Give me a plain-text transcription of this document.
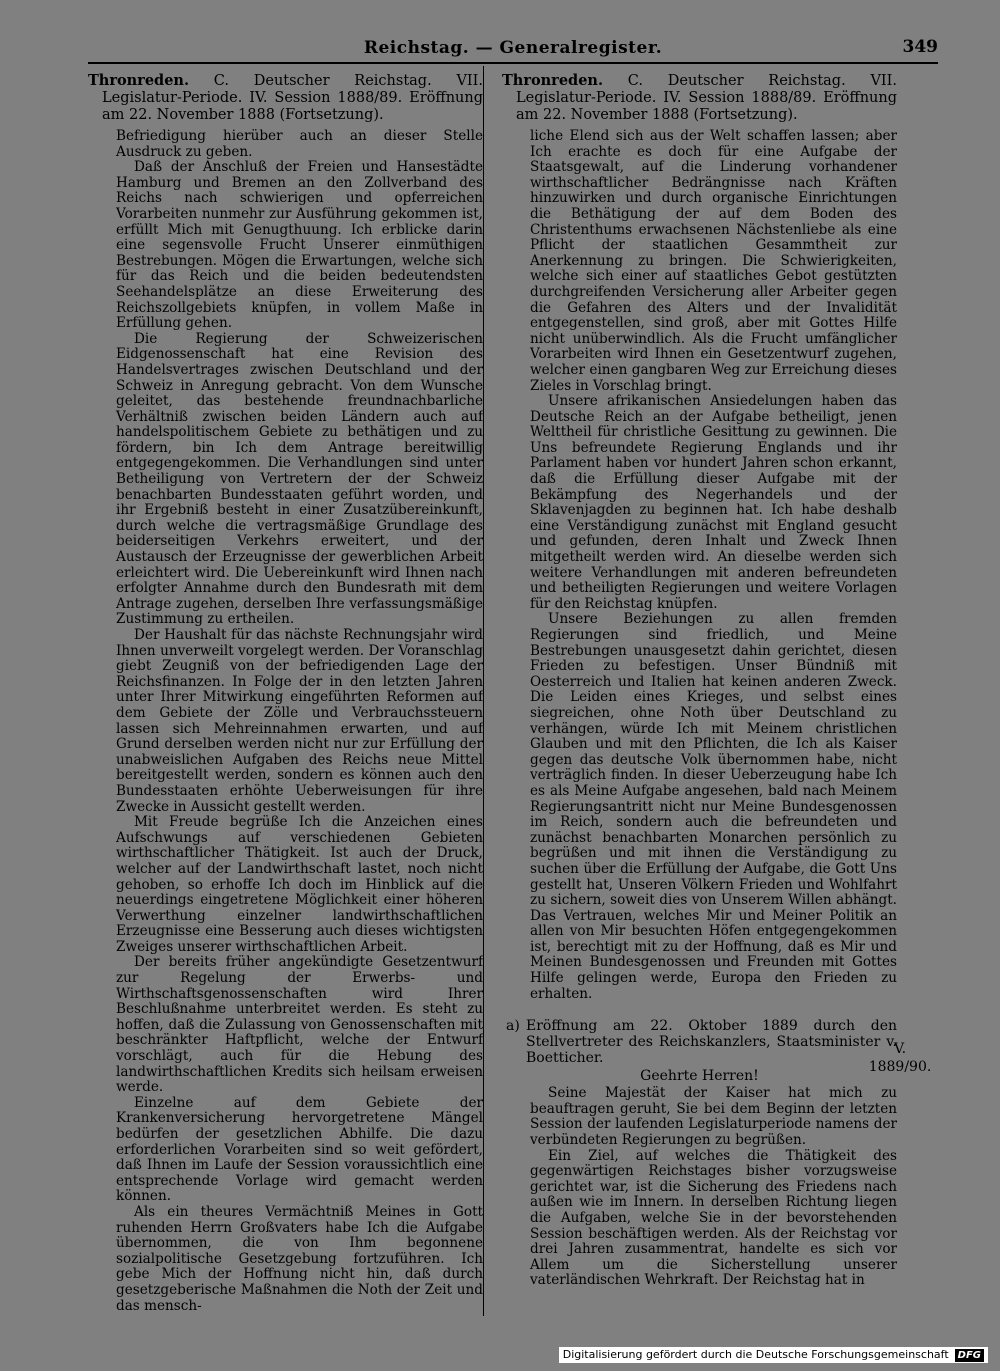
Reichstag. — Generalregister.	349
Thronreden. C. Deutscher Reichstag. VII. Legislatur-Periode. IV. Session 1888/89. Eröffnung am 22. November 1888 (Fortsetzung).

Befriedigung hierüber auch an dieser Stelle Ausdruck zu geben.

Daß der Anschluß der Freien und Hansestädte Hamburg und Bremen an den Zollverband des Reichs nach schwierigen und opferreichen Vorarbeiten nunmehr zur Ausführung gekommen ist, erfüllt Mich mit Genugthuung. Ich erblicke darin eine segensvolle Frucht Unserer einmüthigen Bestrebungen. Mögen die Erwartungen, welche sich für das Reich und die beiden bedeutendsten Seehandelsplätze an diese Erweiterung des Reichszollgebiets knüpfen, in vollem Maße in Erfüllung gehen.

Die Regierung der Schweizerischen Eidgenossenschaft hat eine Revision des Handelsvertrages zwischen Deutschland und der Schweiz in Anregung gebracht. Von dem Wunsche geleitet, das bestehende freundnachbarliche Verhältniß zwischen beiden Ländern auch auf handelspolitischem Gebiete zu bethätigen und zu fördern, bin Ich dem Antrage bereitwillig entgegengekommen. Die Verhandlungen sind unter Betheiligung von Vertretern der der Schweiz benachbarten Bundesstaaten geführt worden, und ihr Ergebniß besteht in einer Zusatzübereinkunft, durch welche die vertragsmäßige Grundlage des beiderseitigen Verkehrs erweitert, und der Austausch der Erzeugnisse der gewerblichen Arbeit erleichtert wird. Die Uebereinkunft wird Ihnen nach erfolgter Annahme durch den Bundesrath mit dem Antrage zugehen, derselben Ihre verfassungsmäßige Zustimmung zu ertheilen.

Der Haushalt für das nächste Rechnungsjahr wird Ihnen unverweilt vorgelegt werden. Der Voranschlag giebt Zeugniß von der befriedigenden Lage der Reichsfinanzen. In Folge der in den letzten Jahren unter Ihrer Mitwirkung eingeführten Reformen auf dem Gebiete der Zölle und Verbrauchssteuern lassen sich Mehreinnahmen erwarten, und auf Grund derselben werden nicht nur zur Erfüllung der unabweislichen Aufgaben des Reichs neue Mittel bereitgestellt werden, sondern es können auch den Bundesstaaten erhöhte Ueberweisungen für ihre Zwecke in Aussicht gestellt werden.

Mit Freude begrüße Ich die Anzeichen eines Aufschwungs auf verschiedenen Gebieten wirthschaftlicher Thätigkeit. Ist auch der Druck, welcher auf der Landwirthschaft lastet, noch nicht gehoben, so erhoffe Ich doch im Hinblick auf die neuerdings eingetretene Möglichkeit einer höheren Verwerthung einzelner landwirthschaftlichen Erzeugnisse eine Besserung auch dieses wichtigsten Zweiges unserer wirthschaftlichen Arbeit.

Der bereits früher angekündigte Gesetzentwurf zur Regelung der Erwerbs- und Wirthschaftsgenossenschaften wird Ihrer Beschlußnahme unterbreitet werden. Es steht zu hoffen, daß die Zulassung von Genossenschaften mit beschränkter Haftpflicht, welche der Entwurf vorschlägt, auch für die Hebung des landwirthschaftlichen Kredits sich heilsam erweisen werde.

Einzelne auf dem Gebiete der Krankenversicherung hervorgetretene Mängel bedürfen der gesetzlichen Abhilfe. Die dazu erforderlichen Vorarbeiten sind so weit gefördert, daß Ihnen im Laufe der Session voraussichtlich eine entsprechende Vorlage wird gemacht werden können.

Als ein theures Vermächtniß Meines in Gott ruhenden Herrn Großvaters habe Ich die Aufgabe übernommen, die von Ihm begonnene sozialpolitische Gesetzgebung fortzuführen. Ich gebe Mich der Hoffnung nicht hin, daß durch gesetzgeberische Maßnahmen die Noth der Zeit und das mensch-

Thronreden. C. Deutscher Reichstag. VII. Legislatur-Periode. IV. Session 1888/89. Eröffnung am 22. November 1888 (Fortsetzung).

liche Elend sich aus der Welt schaffen lassen; aber Ich erachte es doch für eine Aufgabe der Staatsgewalt, auf die Linderung vorhandener wirthschaftlicher Bedrängnisse nach Kräften hinzuwirken und durch organische Einrichtungen die Bethätigung der auf dem Boden des Christenthums erwachsenen Nächstenliebe als eine Pflicht der staatlichen Gesammtheit zur Anerkennung zu bringen. Die Schwierigkeiten, welche sich einer auf staatliches Gebot gestützten durchgreifenden Versicherung aller Arbeiter gegen die Gefahren des Alters und der Invalidität entgegenstellen, sind groß, aber mit Gottes Hilfe nicht unüberwindlich. Als die Frucht umfänglicher Vorarbeiten wird Ihnen ein Gesetzentwurf zugehen, welcher einen gangbaren Weg zur Erreichung dieses Zieles in Vorschlag bringt.

Unsere afrikanischen Ansiedelungen haben das Deutsche Reich an der Aufgabe betheiligt, jenen Welttheil für christliche Gesittung zu gewinnen. Die Uns befreundete Regierung Englands und ihr Parlament haben vor hundert Jahren schon erkannt, daß die Erfüllung dieser Aufgabe mit der Bekämpfung des Negerhandels und der Sklavenjagden zu beginnen hat. Ich habe deshalb eine Verständigung zunächst mit England gesucht und gefunden, deren Inhalt und Zweck Ihnen mitgetheilt werden wird. An dieselbe werden sich weitere Verhandlungen mit anderen befreundeten und betheiligten Regierungen und weitere Vorlagen für den Reichstag knüpfen.

Unsere Beziehungen zu allen fremden Regierungen sind friedlich, und Meine Bestrebungen unausgesetzt dahin gerichtet, diesen Frieden zu befestigen. Unser Bündniß mit Oesterreich und Italien hat keinen anderen Zweck. Die Leiden eines Krieges, und selbst eines siegreichen, ohne Noth über Deutschland zu verhängen, würde Ich mit Meinem christlichen Glauben und mit den Pflichten, die Ich als Kaiser gegen das deutsche Volk übernommen habe, nicht verträglich finden. In dieser Ueberzeugung habe Ich es als Meine Aufgabe angesehen, bald nach Meinem Regierungsantritt nicht nur Meine Bundesgenossen im Reich, sondern auch die befreundeten und zunächst benachbarten Monarchen persönlich zu begrüßen und mit ihnen die Verständigung zu suchen über die Erfüllung der Aufgabe, die Gott Uns gestellt hat, Unseren Völkern Frieden und Wohlfahrt zu sichern, soweit dies von Unserem Willen abhängt. Das Vertrauen, welches Mir und Meiner Politik an allen von Mir besuchten Höfen entgegengekommen ist, berechtigt mit zu der Hoffnung, daß es Mir und Meinen Bundesgenossen und Freunden mit Gottes Hilfe gelingen werde, Europa den Frieden zu erhalten.

a) Eröffnung am 22. Oktober 1889 durch den Stellvertreter des Reichskanzlers, Staatsminister v. Boetticher.
Geehrte Herren!

Seine Majestät der Kaiser hat mich zu beauftragen geruht, Sie bei dem Beginn der letzten Session der laufenden Legislaturperiode namens der verbündeten Regierungen zu begrüßen.

Ein Ziel, auf welches die Thätigkeit des gegenwärtigen Reichstages bisher vorzugsweise gerichtet war, ist die Sicherung des Friedens nach außen wie im Innern. In derselben Richtung liegen die Aufgaben, welche Sie in der bevorstehenden Session beschäftigen werden. Als der Reichstag vor drei Jahren zusammentrat, handelte es sich vor Allem um die Sicherstellung unserer vaterländischen Wehrkraft. Der Reichstag hat in

V.
1889/90.
Digitalisierung gefördert durch die Deutsche Forschungsgemeinschaft DFG
